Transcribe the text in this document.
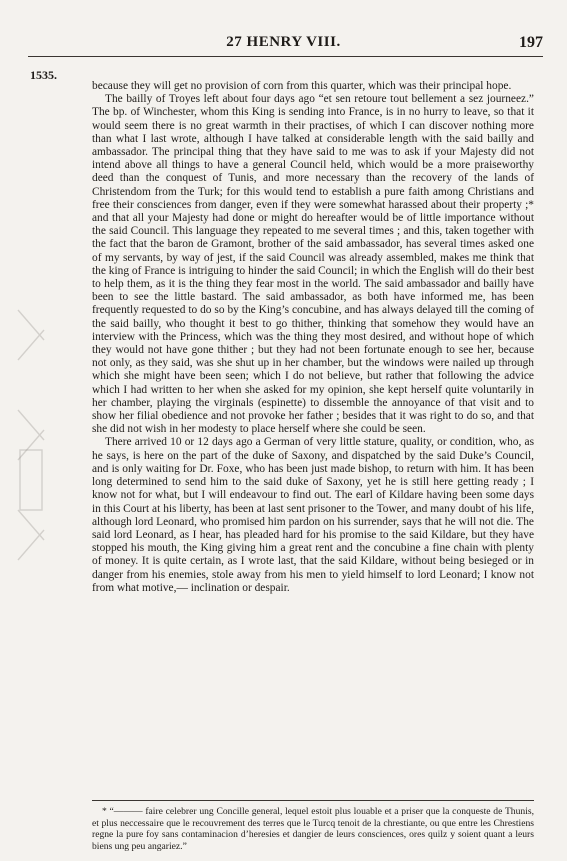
27 HENRY VIII.	197
1535.

because they will get no provision of corn from this quarter, which was their principal hope.

The bailly of Troyes left about four days ago “et sen retoure tout bellement a sez journeez.” The bp. of Winchester, whom this King is sending into France, is in no hurry to leave, so that it would seem there is no great warmth in their practises, of which I can discover nothing more than what I last wrote, although I have talked at considerable length with the said bailly and ambassador. The principal thing that they have said to me was to ask if your Majesty did not intend above all things to have a general Council held, which would be a more praiseworthy deed than the conquest of Tunis, and more necessary than the recovery of the lands of Christendom from the Turk; for this would tend to establish a pure faith among Christians and free their consciences from danger, even if they were somewhat harassed about their property ;* and that all your Majesty had done or might do hereafter would be of little importance without the said Council. This language they repeated to me several times ; and this, taken together with the fact that the baron de Gramont, brother of the said ambassador, has several times asked one of my servants, by way of jest, if the said Council was already assembled, makes me think that the king of France is intriguing to hinder the said Council; in which the English will do their best to help them, as it is the thing they fear most in the world. The said ambassador and bailly have been to see the little bastard. The said ambassador, as both have informed me, has been frequently requested to do so by the King’s concubine, and has always delayed till the coming of the said bailly, who thought it best to go thither, thinking that somehow they would have an interview with the Princess, which was the thing they most desired, and without hope of which they would not have gone thither ; but they had not been fortunate enough to see her, because not only, as they said, was she shut up in her chamber, but the windows were nailed up through which she might have been seen; which I do not believe, but rather that following the advice which I had written to her when she asked for my opinion, she kept herself quite voluntarily in her chamber, playing the virginals (espinette) to dissemble the annoyance of that visit and to show her filial obedience and not provoke her father ; besides that it was right to do so, and that she did not wish in her modesty to place herself where she could be seen.

There arrived 10 or 12 days ago a German of very little stature, quality, or condition, who, as he says, is here on the part of the duke of Saxony, and dispatched by the said Duke’s Council, and is only waiting for Dr. Foxe, who has been just made bishop, to return with him. It has been long determined to send him to the said duke of Saxony, yet he is still here getting ready ; I know not for what, but I will endeavour to find out. The earl of Kildare having been some days in this Court at his liberty, has been at last sent prisoner to the Tower, and many doubt of his life, although lord Leonard, who promised him pardon on his surrender, says that he will not die. The said lord Leonard, as I hear, has pleaded hard for his promise to the said Kildare, but they have stopped his mouth, the King giving him a great rent and the concubine a fine chain with plenty of money. It is quite certain, as I wrote last, that the said Kildare, without being besieged or in danger from his enemies, stole away from his men to yield himself to lord Leonard; I know not from what motive,— inclination or despair.

* “——— faire celebrer ung Concille general, lequel estoit plus louable et a priser que la conqueste de Thunis, et plus neccessaire que le recouvrement des terres que le Turcq tenoit de la chrestiante, ou que entre les Chrestiens regne la pure foy sans contaminacion d’heresies et dangier de leurs consciences, ores quilz y soient quant a leurs biens ung peu angariez.”
